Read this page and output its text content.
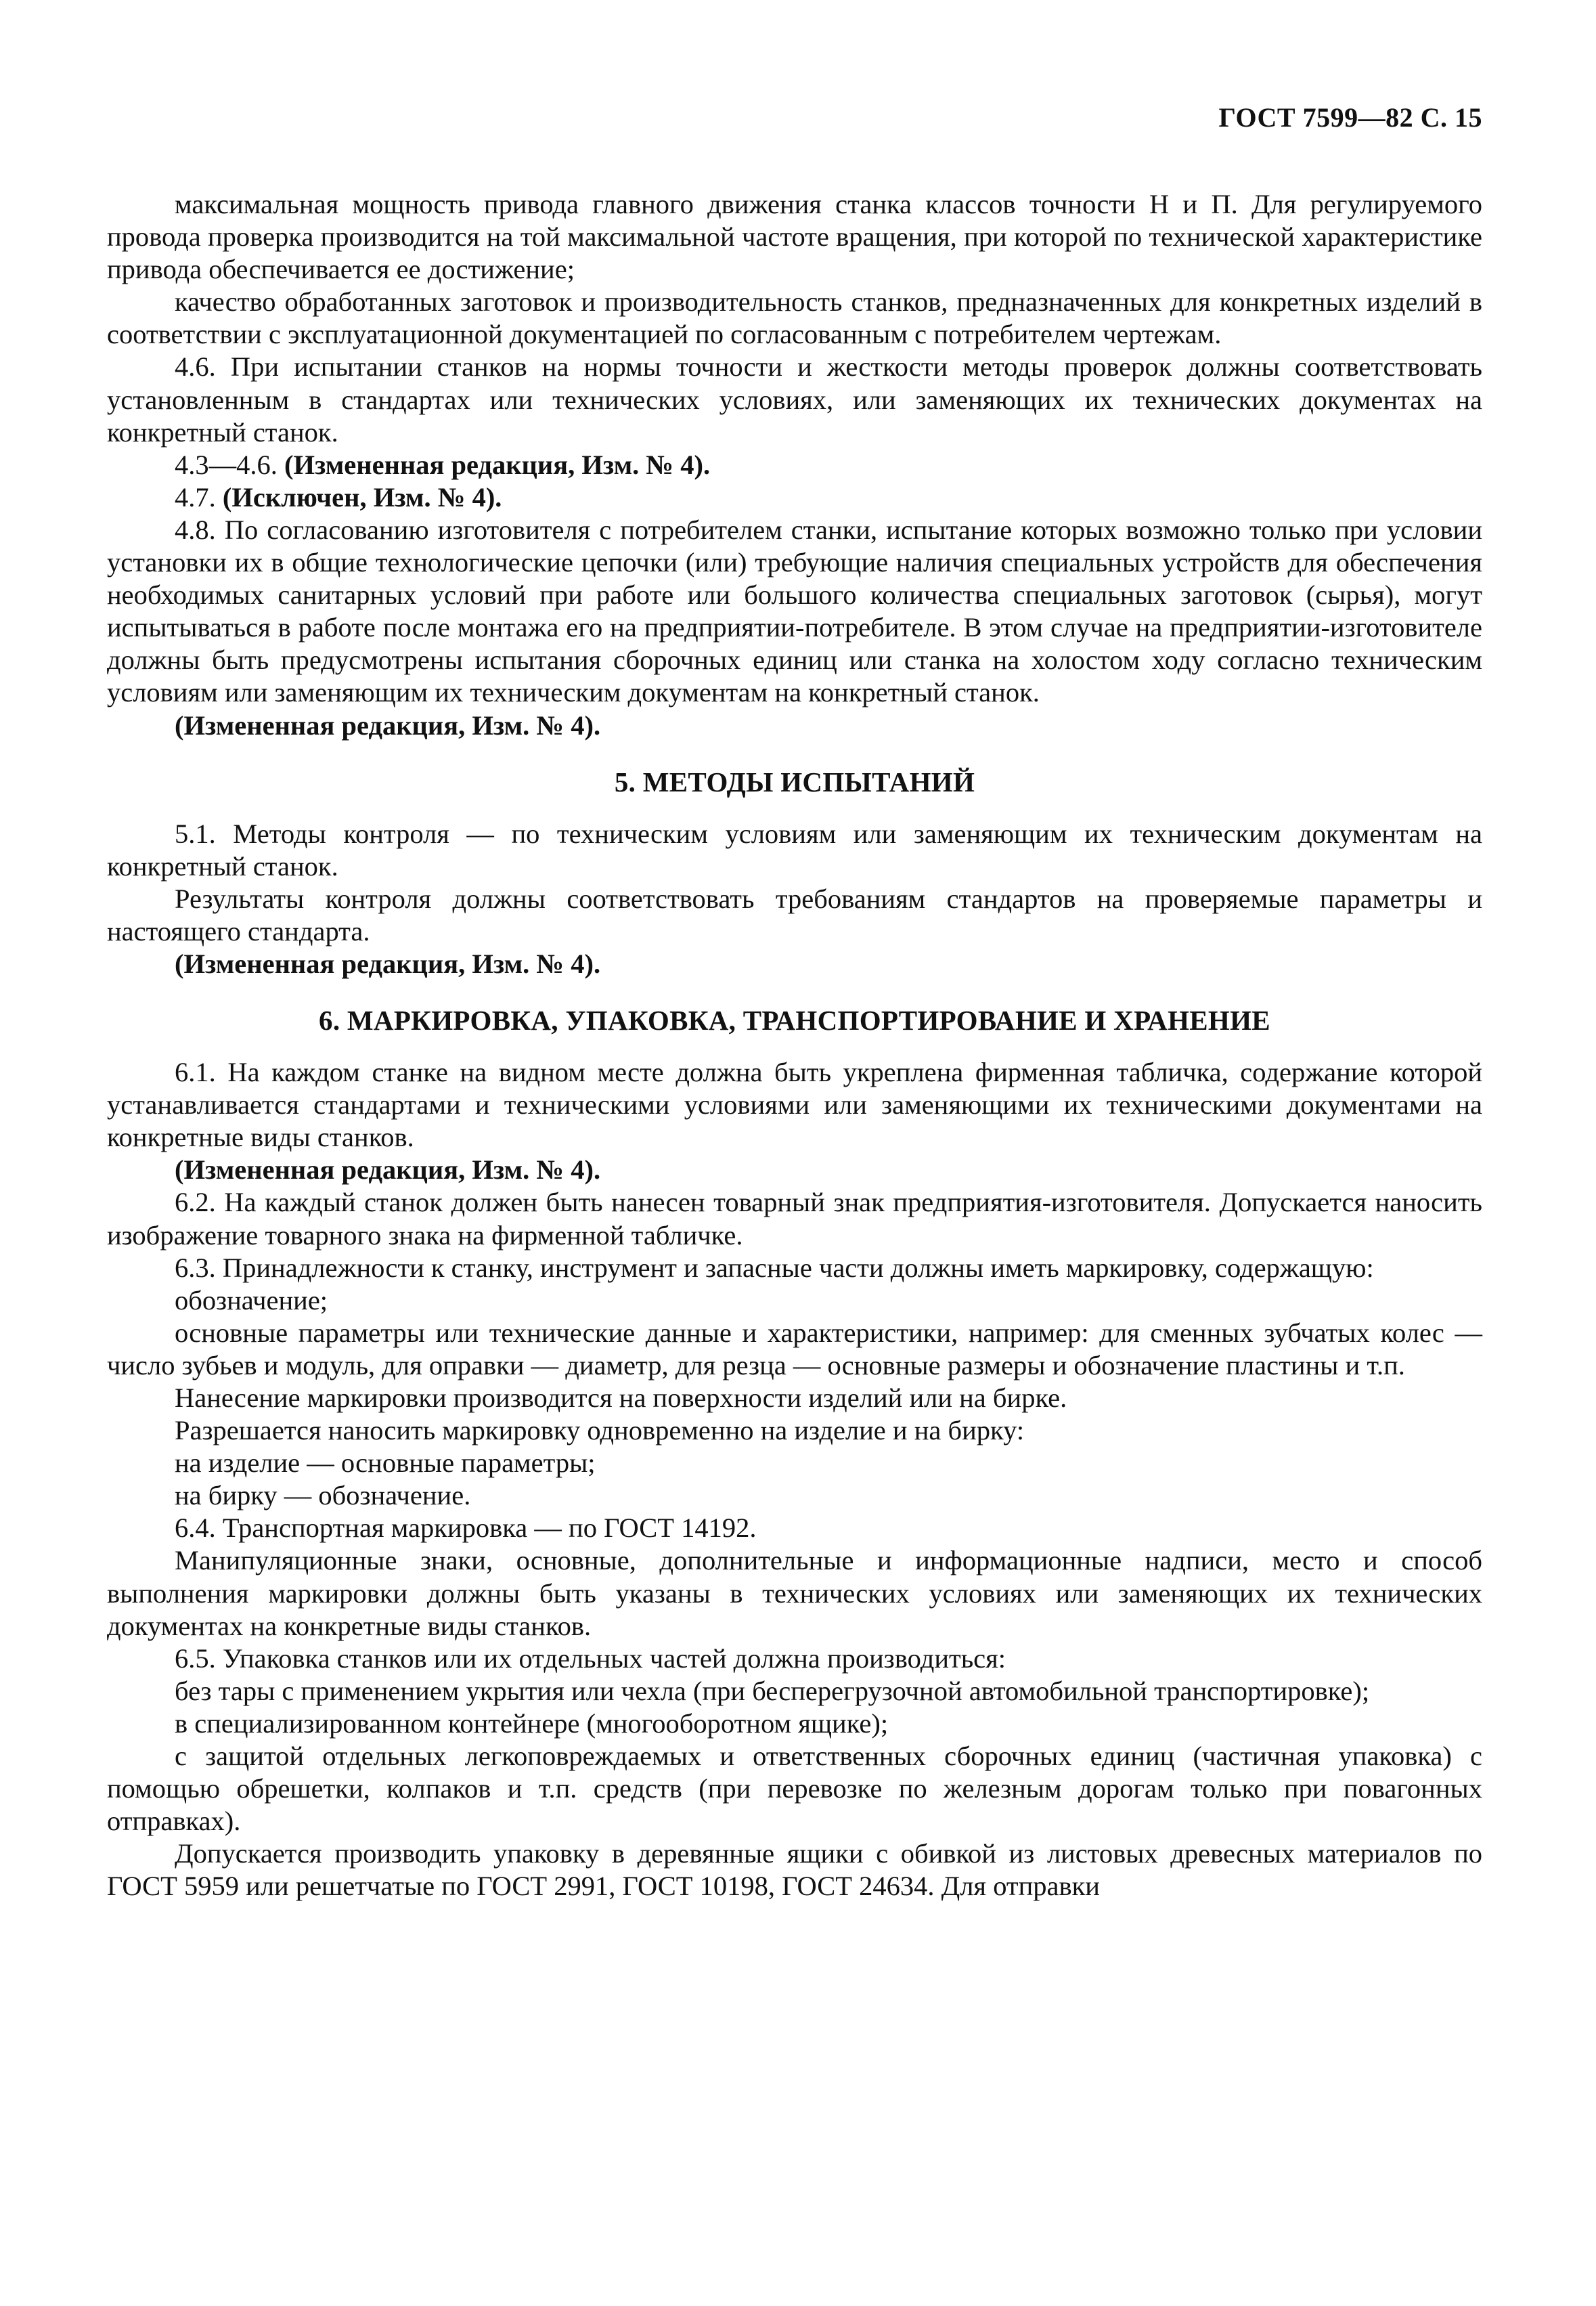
ГОСТ 7599—82 С. 15

максимальная мощность привода главного движения станка классов точности Н и П. Для регулируемого провода проверка производится на той максимальной частоте вращения, при которой по технической характеристике привода обеспечивается ее достижение;

качество обработанных заготовок и производительность станков, предназначенных для конкретных изделий в соответствии с эксплуатационной документацией по согласованным с потребителем чертежам.

4.6. При испытании станков на нормы точности и жесткости методы проверок должны соответствовать установленным в стандартах или технических условиях, или заменяющих их технических документах на конкретный станок.

4.3—4.6. (Измененная редакция, Изм. № 4).

4.7. (Исключен, Изм. № 4).

4.8. По согласованию изготовителя с потребителем станки, испытание которых возможно только при условии установки их в общие технологические цепочки (или) требующие наличия специальных устройств для обеспечения необходимых санитарных условий при работе или большого количества специальных заготовок (сырья), могут испытываться в работе после монтажа его на предприятии-потребителе. В этом случае на предприятии-изготовителе должны быть предусмотрены испытания сборочных единиц или станка на холостом ходу согласно техническим условиям или заменяющим их техническим документам на конкретный станок.

(Измененная редакция, Изм. № 4).

5. МЕТОДЫ ИСПЫТАНИЙ

5.1. Методы контроля — по техническим условиям или заменяющим их техническим документам на конкретный станок.

Результаты контроля должны соответствовать требованиям стандартов на проверяемые параметры и настоящего стандарта.

(Измененная редакция, Изм. № 4).

6. МАРКИРОВКА, УПАКОВКА, ТРАНСПОРТИРОВАНИЕ И ХРАНЕНИЕ

6.1. На каждом станке на видном месте должна быть укреплена фирменная табличка, содержание которой устанавливается стандартами и техническими условиями или заменяющими их техническими документами на конкретные виды станков.

(Измененная редакция, Изм. № 4).

6.2. На каждый станок должен быть нанесен товарный знак предприятия-изготовителя. Допускается наносить изображение товарного знака на фирменной табличке.

6.3. Принадлежности к станку, инструмент и запасные части должны иметь маркировку, содержащую:

обозначение;

основные параметры или технические данные и характеристики, например: для сменных зубчатых колес — число зубьев и модуль, для оправки — диаметр, для резца — основные размеры и обозначение пластины и т.п.

Нанесение маркировки производится на поверхности изделий или на бирке.

Разрешается наносить маркировку одновременно на изделие и на бирку:

на изделие — основные параметры;

на бирку — обозначение.

6.4. Транспортная маркировка — по ГОСТ 14192.

Манипуляционные знаки, основные, дополнительные и информационные надписи, место и способ выполнения маркировки должны быть указаны в технических условиях или заменяющих их технических документах на конкретные виды станков.

6.5. Упаковка станков или их отдельных частей должна производиться:

без тары с применением укрытия или чехла (при бесперегрузочной автомобильной транспортировке);

в специализированном контейнере (многооборотном ящике);

с защитой отдельных легкоповреждаемых и ответственных сборочных единиц (частичная упаковка) с помощью обрешетки, колпаков и т.п. средств (при перевозке по железным дорогам только при повагонных отправках).

Допускается производить упаковку в деревянные ящики с обивкой из листовых древесных материалов по ГОСТ 5959 или решетчатые по ГОСТ 2991, ГОСТ 10198, ГОСТ 24634. Для отправки
